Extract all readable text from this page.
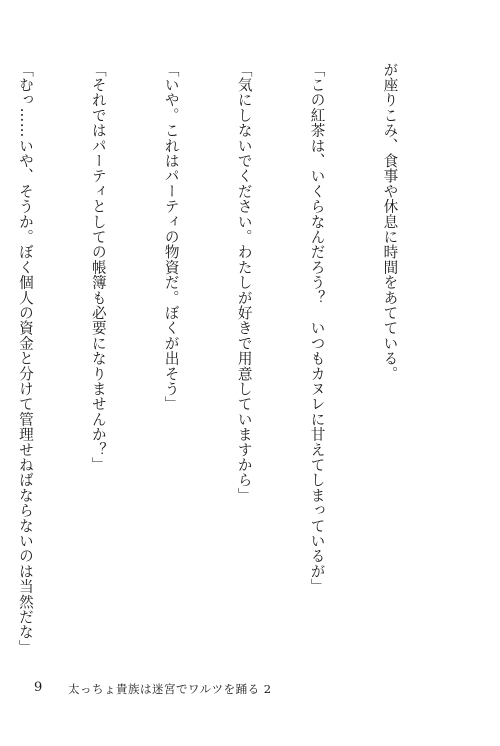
が座りこみ、食事や休息に時間をあてている。

「この紅茶は、いくらなんだろう？　いつもカヌレに甘えてしまっているが」

「気にしないでください。わたしが好きで用意していますから」

「いや。これはパーティの物資だ。ぼくが出そう」

「それではパーティとしての帳簿も必要になりませんか？」

「むっ……いや、そうか。ぼく個人の資金と分けて管理せねばならないのは当然だな」

9 太っちょ貴族は迷宮でワルツを踊る 2
